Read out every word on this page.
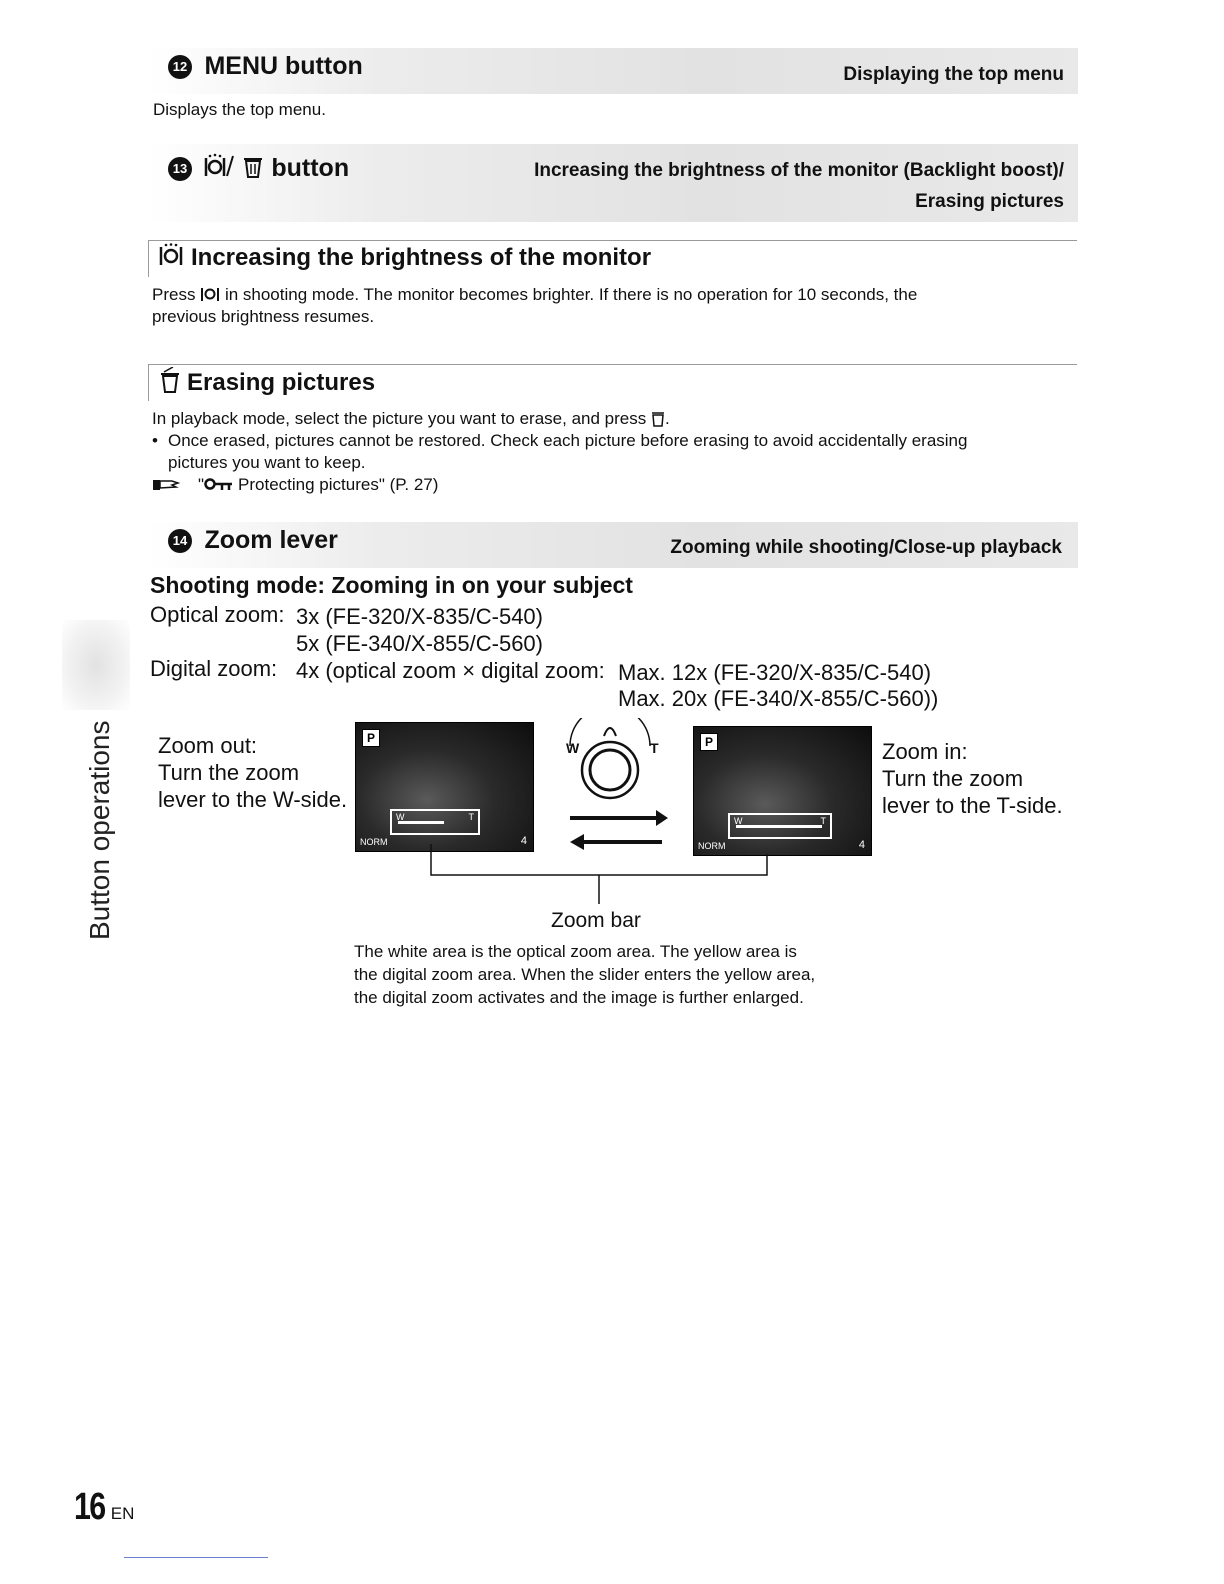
12 MENU button	Displaying the top menu
Displays the top menu.
13	button	Increasing the brightness of the monitor (Backlight boost)/
Erasing pictures
Increasing the brightness of the monitor
Press in shooting mode. The monitor becomes brighter. If there is no operation for 10 seconds, the
previous brightness resumes.
Erasing pictures
In playback mode, select the picture you want to erase, and press .
• Once erased, pictures cannot be restored. Check each picture before erasing to avoid accidentally erasing
pictures you want to keep.
" Protecting pictures" (P. 27)
14 Zoom lever	Zooming while shooting/Close-up playback
Shooting mode: Zooming in on your subject
Optical zoom: 3x (FE-320/X-835/C-540)
5x (FE-340/X-855/C-560)
Digital zoom: 4x (optical zoom × digital zoom: Max. 12x (FE-320/X-835/C-540)
Max. 20x (FE-340/X-855/C-560))
Button operations Zoom out:
Turn the zoom
lever to the W-side.
P
W	T
NORM	4
W	T	P
W	T
NORM	4
Zoom in:
Turn the zoom
lever to the T-side.
Zoom bar
The white area is the optical zoom area. The yellow area is
the digital zoom area. When the slider enters the yellow area,
the digital zoom activates and the image is further enlarged.
16 EN
